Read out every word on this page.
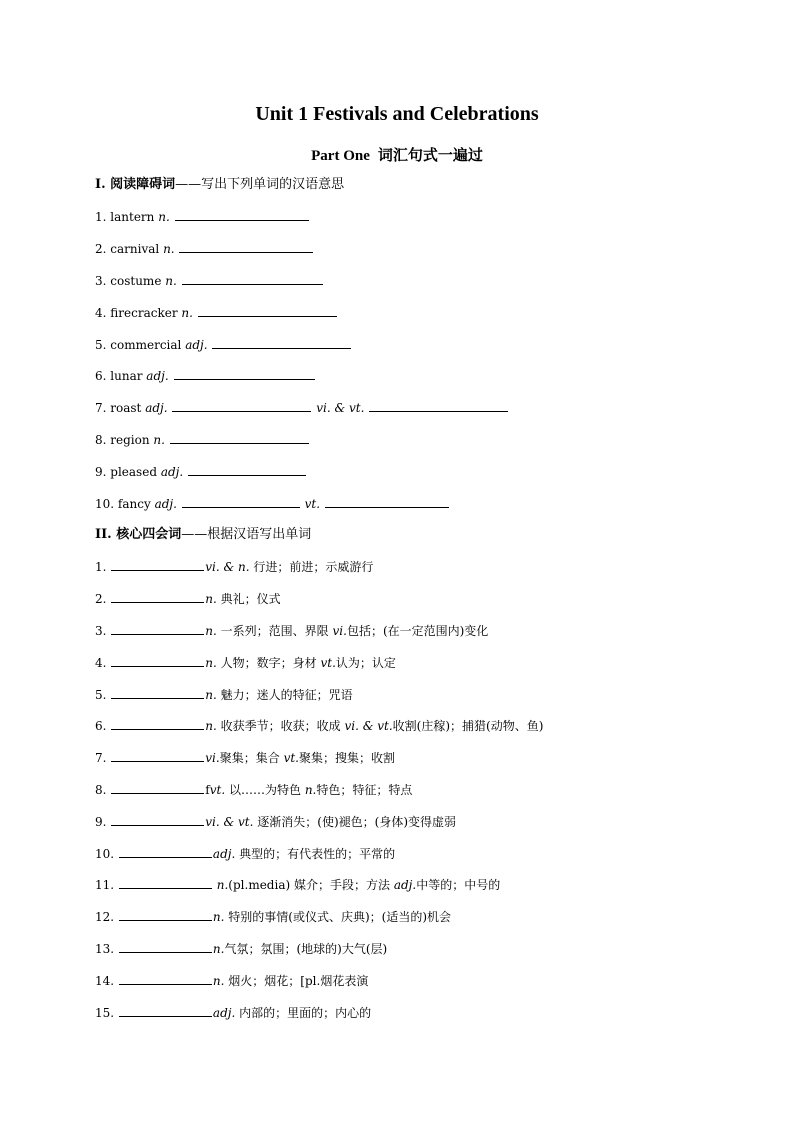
Unit 1 Festivals and Celebrations
Part One 词汇句式一遍过
I. 阅读障碍词——写出下列单词的汉语意思
1. lantern n.
2. carnival n.
3. costume n.
4. firecracker n.
5. commercial adj.
6. lunar adj.
7. roast adj.	vi. & vt.
8. region n.
9. pleased adj.
10. fancy adj.	vt.
II. 核心四会词——根据汉语写出单词
1.	vi. & n. 行进；前进；示威游行
2.	n. 典礼；仪式
3.	n. 一系列；范围、界限 vi.包括；(在一定范围内)变化
4.	n. 人物；数字；身材 vt.认为；认定
5.	n. 魅力；迷人的特征；咒语
6.	n. 收获季节；收获；收成 vi. & vt.收割(庄稼)；捕猎(动物、鱼)
7.	vi.聚集；集合 vt.聚集；搜集；收割
8.	fvt. 以……为特色 n.特色；特征；特点
9.	vi. & vt. 逐渐消失；(使)褪色；(身体)变得虚弱
10.	adj. 典型的；有代表性的；平常的
11.	n.(pl.media) 媒介；手段；方法 adj.中等的；中号的
12.	n. 特别的事情(或仪式、庆典)；(适当的)机会
13.	n.气氛；氛围；(地球的)大气(层)
14.	n. 烟火；烟花；[pl.烟花表演
15.	adj. 内部的；里面的；内心的
